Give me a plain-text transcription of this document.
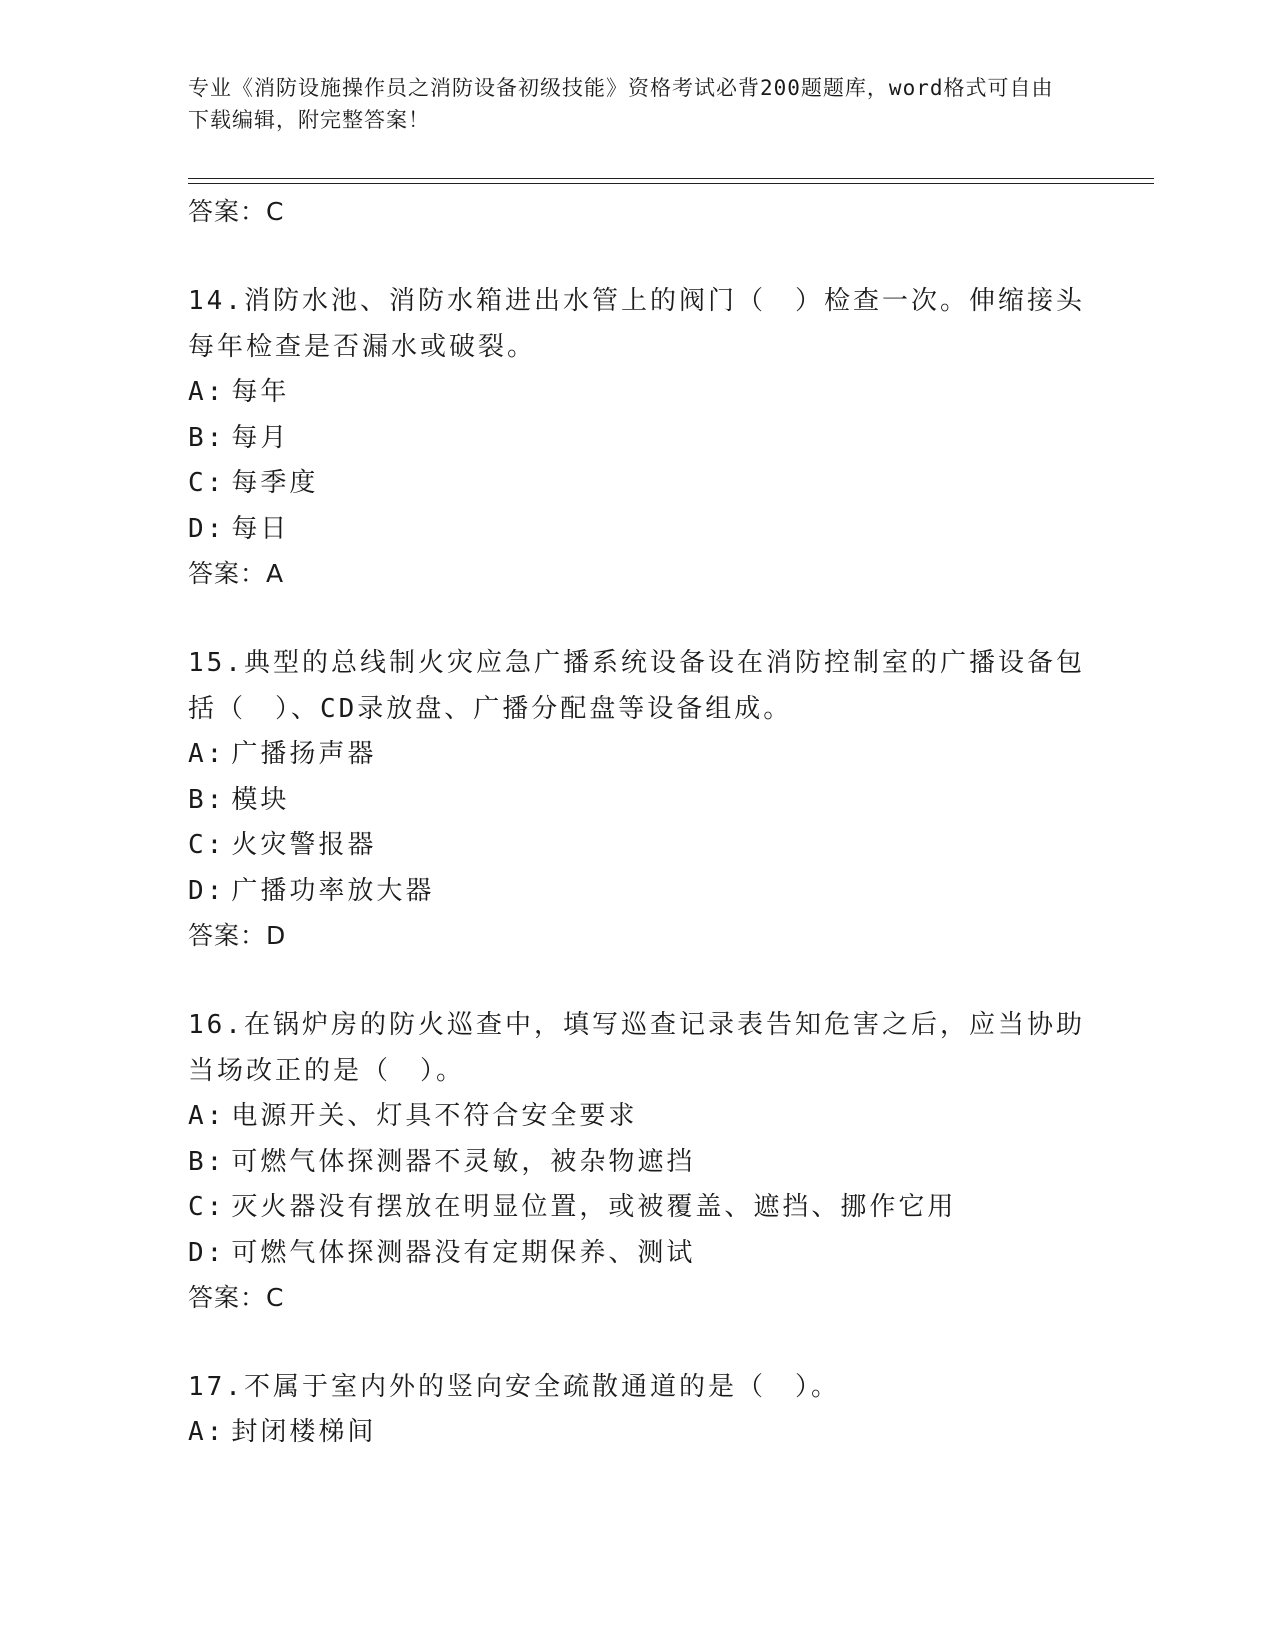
专业《消防设施操作员之消防设备初级技能》资格考试必背200题题库，word格式可自由下载编辑，附完整答案！

答案：C

14.消防水池、消防水箱进出水管上的阀门（　）检查一次。伸缩接头每年检查是否漏水或破裂。

A: 每年

B: 每月

C: 每季度

D: 每日

答案：A

15.典型的总线制火灾应急广播系统设备设在消防控制室的广播设备包括（　）、CD录放盘、广播分配盘等设备组成。

A: 广播扬声器

B: 模块

C: 火灾警报器

D: 广播功率放大器

答案：D

16.在锅炉房的防火巡查中，填写巡查记录表告知危害之后，应当协助当场改正的是（　）。

A: 电源开关、灯具不符合安全要求

B: 可燃气体探测器不灵敏，被杂物遮挡

C: 灭火器没有摆放在明显位置，或被覆盖、遮挡、挪作它用

D: 可燃气体探测器没有定期保养、测试

答案：C

17.不属于室内外的竖向安全疏散通道的是（　）。

A: 封闭楼梯间
